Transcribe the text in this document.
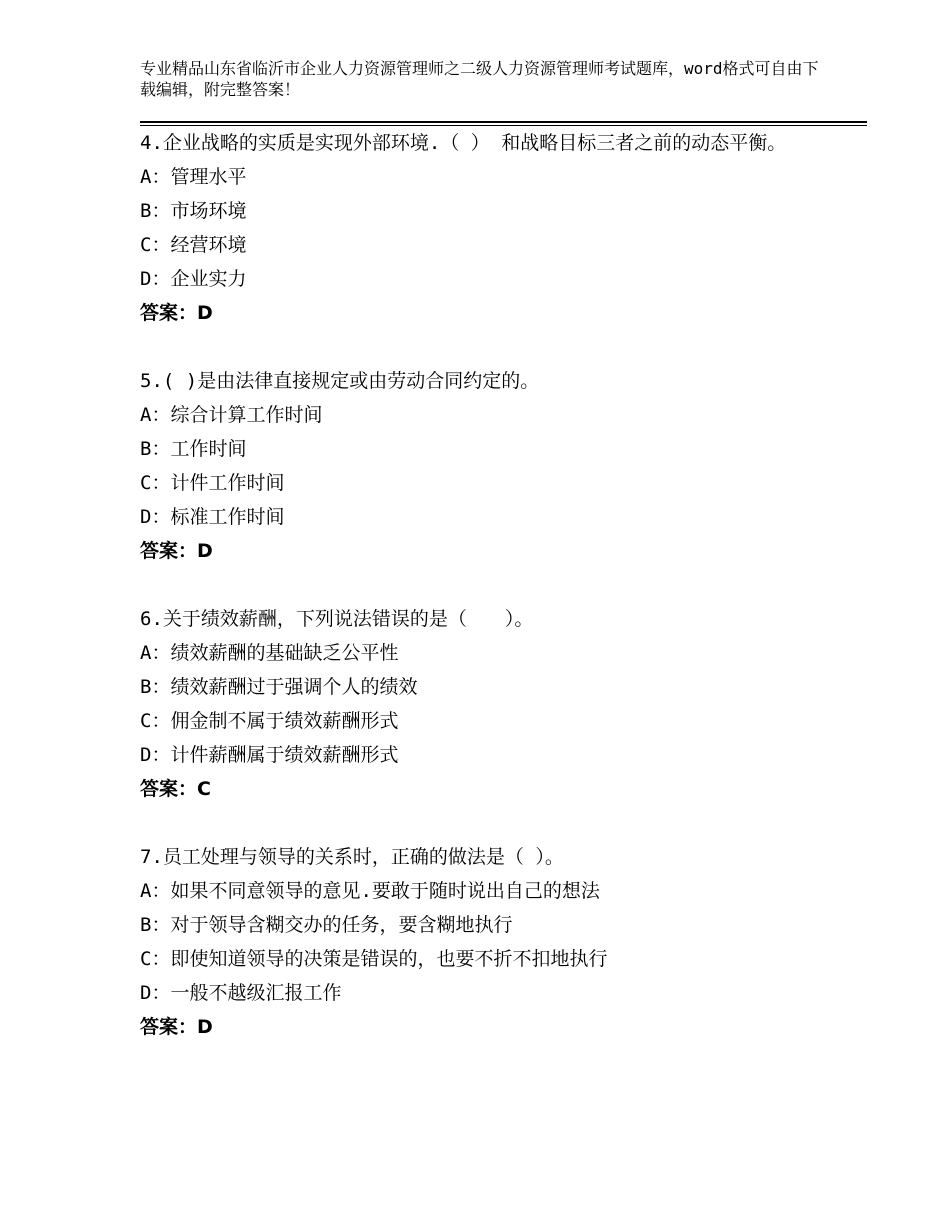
专业精品山东省临沂市企业人力资源管理师之二级人力资源管理师考试题库，word格式可自由下载编辑，附完整答案！

4.企业战略的实质是实现外部环境.（ ） 和战略目标三者之前的动态平衡。

A：管理水平

B：市场环境

C：经营环境

D：企业实力

答案：D

5.( )是由法律直接规定或由劳动合同约定的。

A：综合计算工作时间

B：工作时间

C：计件工作时间

D：标准工作时间

答案：D

6.关于绩效薪酬，下列说法错误的是（　　）。

A：绩效薪酬的基础缺乏公平性

B：绩效薪酬过于强调个人的绩效

C：佣金制不属于绩效薪酬形式

D：计件薪酬属于绩效薪酬形式

答案：C

7.员工处理与领导的关系时，正确的做法是（ ）。

A：如果不同意领导的意见.要敢于随时说出自己的想法

B：对于领导含糊交办的任务，要含糊地执行

C：即使知道领导的决策是错误的，也要不折不扣地执行

D：一般不越级汇报工作

答案：D
